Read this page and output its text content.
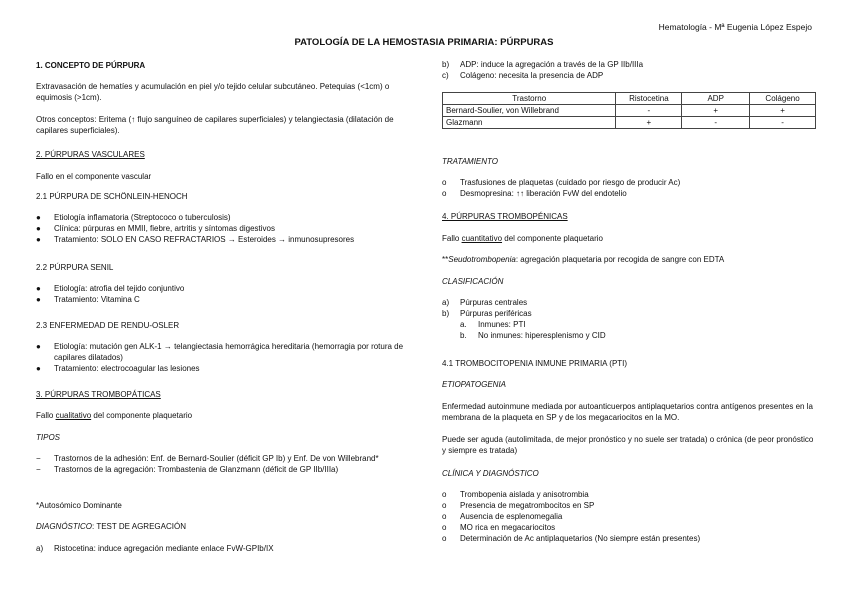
Hematología - Mª Eugenia López Espejo
PATOLOGÍA DE LA HEMOSTASIA PRIMARIA: PÚRPURAS

1. CONCEPTO DE PÚRPURA

Extravasación de hematíes y acumulación en piel y/o tejido celular subcutáneo. Petequias (<1cm) o equimosis (>1cm).

Otros conceptos: Eritema (↑ flujo sanguíneo de capilares superficiales) y telangiectasia (dilatación de capilares superficiales).

2. PÚRPURAS VASCULARES

Fallo en el componente vascular

2.1 PÚRPURA DE SCHÖNLEIN-HENOCH

●	Etiología inflamatoria (Streptococo o tuberculosis)
●	Clínica: púrpuras en MMII, fiebre, artritis y síntomas digestivos
●	Tratamiento: SOLO EN CASO REFRACTARIOS → Esteroides → inmunosupresores

2.2 PÚRPURA SENIL

●	Etiología: atrofia del tejido conjuntivo
●	Tratamiento: Vitamina C

2.3 ENFERMEDAD DE RENDU-OSLER

●	Etiología: mutación gen ALK-1 → telangiectasia hemorrágica hereditaria (hemorragia por rotura de capilares dilatados)
●	Tratamiento: electrocoagular las lesiones

3. PÚRPURAS TROMBOPÁTICAS

Fallo cualitativo del componente plaquetario

TIPOS

−	Trastornos de la adhesión: Enf. de Bernard-Soulier (déficit GP Ib) y Enf. De von Willebrand*
−	Trastornos de la agregación: Trombastenia de Glanzmann (déficit de GP IIb/IIIa)

*Autosómico Dominante

DIAGNÓSTICO: TEST DE AGREGACIÓN

a)	Ristocetina: induce agregación mediante enlace FvW-GPIb/IX
b)	ADP: induce la agregación a través de la GP IIb/IIIa
c)	Colágeno: necesita la presencia de ADP
Trastorno	Ristocetina	ADP	Colágeno
Bernard-Soulier, von Willebrand	-	+	+
Glazmann	+	-	-

TRATAMIENTO

o	Trasfusiones de plaquetas (cuidado por riesgo de producir Ac)
o	Desmopresina: ↑↑ liberación FvW del endotelio

4. PÚRPURAS TROMBOPÉNICAS

Fallo cuantitativo del componente plaquetario

**Seudotrombopenia: agregación plaquetaria por recogida de sangre con EDTA

CLASIFICACIÓN

a)	Púrpuras centrales
b)	Púrpuras periféricas
a.	Inmunes: PTI
b.	No inmunes: hiperesplenismo y CID

4.1 TROMBOCITOPENIA INMUNE PRIMARIA (PTI)

ETIOPATOGENIA

Enfermedad autoinmune mediada por autoanticuerpos antiplaquetarios contra antígenos presentes en la membrana de la plaqueta en SP y de los megacariocitos en la MO.

Puede ser aguda (autolimitada, de mejor pronóstico y no suele ser tratada) o crónica (de peor pronóstico y siempre es tratada)

CLÍNICA Y DIAGNÓSTICO

o	Trombopenia aislada y anisotrombia
o	Presencia de megatrombocitos en SP
o	Ausencia de esplenomegalia
o	MO rica en megacariocitos
o	Determinación de Ac antiplaquetarios (No siempre están presentes)
